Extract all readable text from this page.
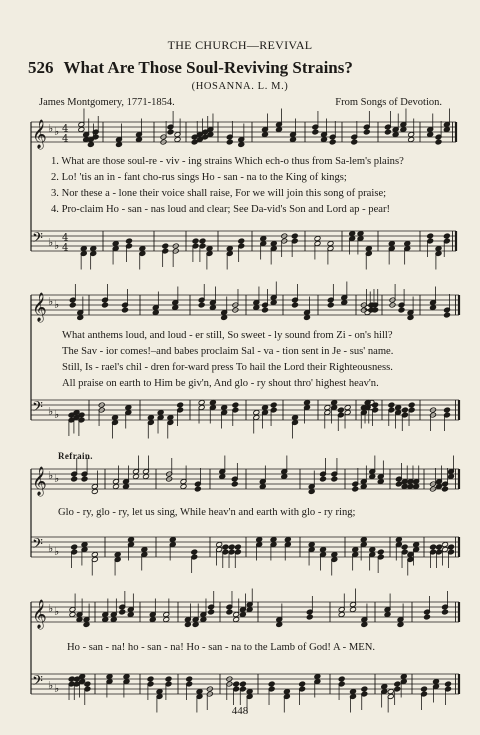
THE CHURCH—REVIVAL
526 What Are Those Soul-Reviving Strains?
(HOSANNA. L. M.)
James Montgomery, 1771-1854.	From Songs of Devotion.
𝄞 ♭ ♭ 4
4
𝄢 ♭ ♭
4
4
𝄞 ♭ ♭
𝄢 ♭ ♭
𝄞 ♭ ♭
𝄢 ♭ ♭
𝄞 ♭ ♭
𝄢 ♭ ♭
1. What are those soul-re - viv - ing strains Which ech-o thus from Sa-lem's plains?
2. Lo! 'tis an in - fant cho-rus sings Ho - san - na to the King of kings;
3. Nor these a - lone their voice shall raise, For we will join this song of praise;
4. Pro-claim Ho - san - nas loud and clear; See Da-vid's Son and Lord ap - pear!
What anthems loud, and loud - er still, So sweet - ly sound from Zi - on's hill?
The Sav - ior comes!–and babes proclaim Sal - va - tion sent in Je - sus' name.
Still, Is - rael's chil - dren for-ward press To hail the Lord their Righteousness.
All praise on earth to Him be giv'n, And glo - ry shout thro' highest heav'n.
Refrain.
Glo - ry, glo - ry, let us sing, While heav'n and earth with glo - ry ring;
Ho - san - na! ho - san - na! Ho - san - na to the Lamb of God! A - MEN.
448
